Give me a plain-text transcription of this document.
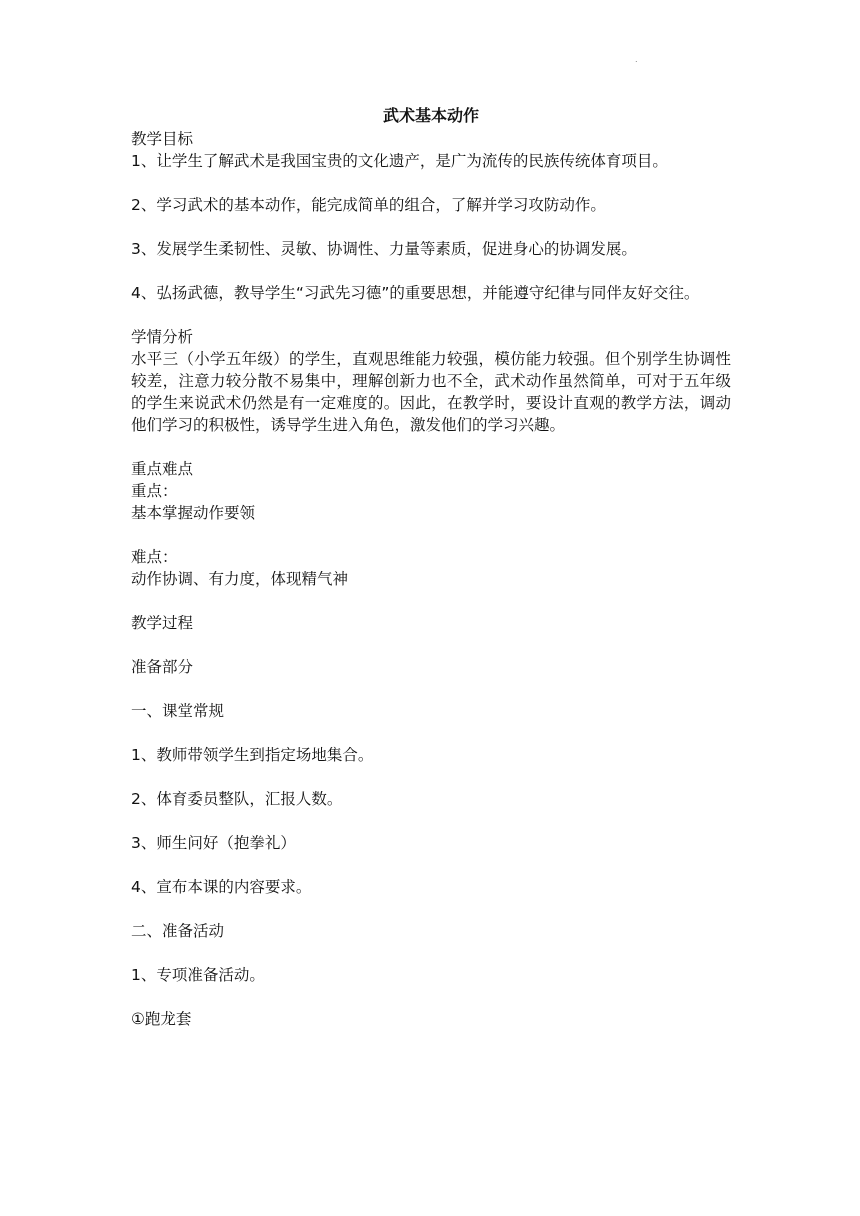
.
武术基本动作
教学目标
1、让学生了解武术是我国宝贵的文化遗产，是广为流传的民族传统体育项目。
2、学习武术的基本动作，能完成简单的组合，了解并学习攻防动作。
3、发展学生柔韧性、灵敏、协调性、力量等素质，促进身心的协调发展。
4、弘扬武德，教导学生“习武先习德”的重要思想，并能遵守纪律与同伴友好交往。
学情分析
水平三（小学五年级）的学生，直观思维能力较强，模仿能力较强。但个别学生协调性较差，注意力较分散不易集中，理解创新力也不全，武术动作虽然简单，可对于五年级的学生来说武术仍然是有一定难度的。因此，在教学时，要设计直观的教学方法，调动他们学习的积极性，诱导学生进入角色，激发他们的学习兴趣。
重点难点
重点：
基本掌握动作要领
难点：
动作协调、有力度，体现精气神
教学过程
准备部分
一、课堂常规
1、教师带领学生到指定场地集合。
2、体育委员整队，汇报人数。
3、师生问好（抱拳礼）
4、宣布本课的内容要求。
二、准备活动
1、专项准备活动。
①跑龙套
